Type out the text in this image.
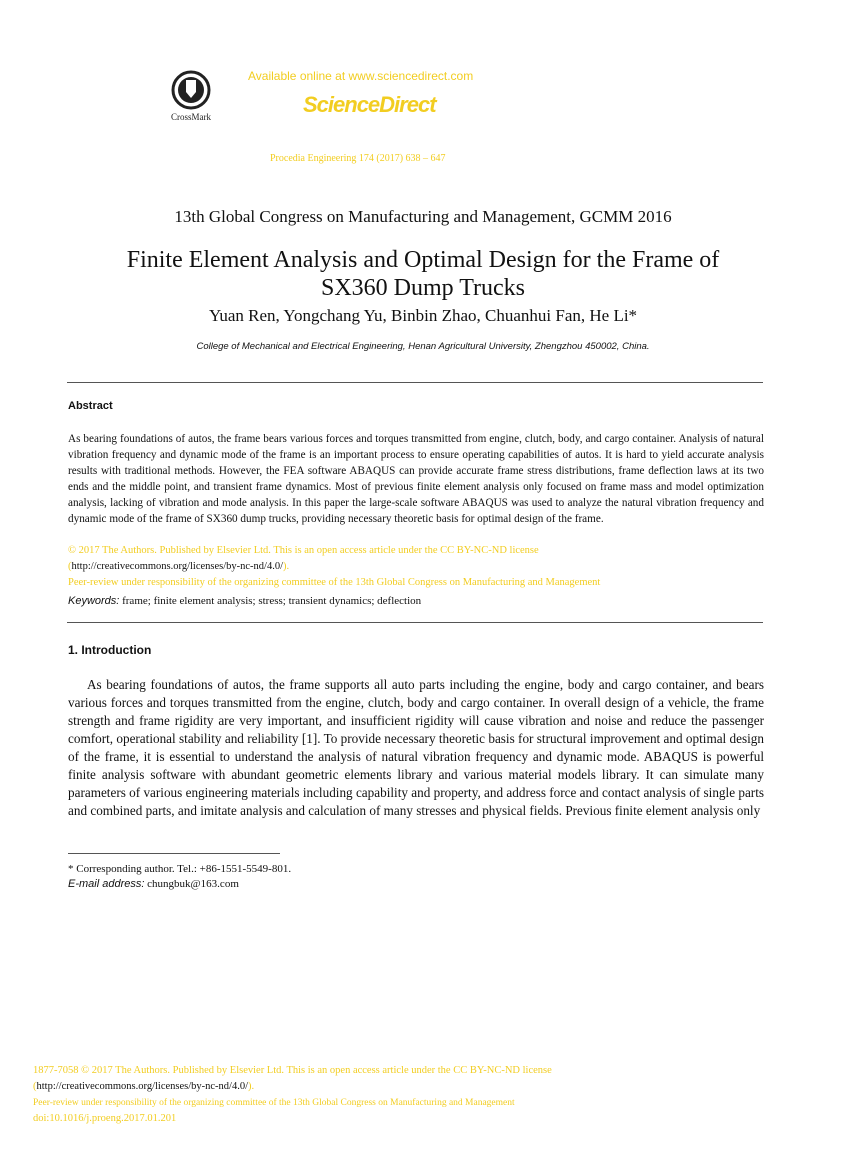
CrossMark
Available online at www.sciencedirect.com
ScienceDirect
Procedia Engineering 174 (2017) 638 – 647
13th Global Congress on Manufacturing and Management, GCMM 2016
Finite Element Analysis and Optimal Design for the Frame of
SX360 Dump Trucks
Yuan Ren, Yongchang Yu, Binbin Zhao, Chuanhui Fan, He Li*
College of Mechanical and Electrical Engineering, Henan Agricultural University, Zhengzhou 450002, China.
Abstract
As bearing foundations of autos, the frame bears various forces and torques transmitted from engine, clutch, body, and cargo container. Analysis of natural vibration frequency and dynamic mode of the frame is an important process to ensure operating capabilities of autos. It is hard to yield accurate analysis results with traditional methods. However, the FEA software ABAQUS can provide accurate frame stress distributions, frame deflection laws at its two ends and the middle point, and transient frame dynamics. Most of previous finite element analysis only focused on frame mass and model optimization analysis, lacking of vibration and mode analysis. In this paper the large-scale software ABAQUS was used to analyze the natural vibration frequency and dynamic mode of the frame of SX360 dump trucks, providing necessary theoretic basis for optimal design of the frame.
© 2017 The Authors. Published by Elsevier Ltd. This is an open access article under the CC BY-NC-ND license
(http://creativecommons.org/licenses/by-nc-nd/4.0/).
Peer-review under responsibility of the organizing committee of the 13th Global Congress on Manufacturing and Management
Keywords: frame; finite element analysis; stress; transient dynamics; deflection
1. Introduction
As bearing foundations of autos, the frame supports all auto parts including the engine, body and cargo container, and bears various forces and torques transmitted from the engine, clutch, body and cargo container. In overall design of a vehicle, the frame strength and frame rigidity are very important, and insufficient rigidity will cause vibration and noise and reduce the passenger comfort, operational stability and reliability [1]. To provide necessary theoretic basis for structural improvement and optimal design of the frame, it is essential to understand the analysis of natural vibration frequency and dynamic mode. ABAQUS is powerful finite analysis software with abundant geometric elements library and various material models library. It can simulate many parameters of various engineering materials including capability and property, and address force and contact analysis of single parts and combined parts, and imitate analysis and calculation of many stresses and physical fields. Previous finite element analysis only
* Corresponding author. Tel.: +86-1551-5549-801.
E-mail address: chungbuk@163.com
1877-7058 © 2017 The Authors. Published by Elsevier Ltd. This is an open access article under the CC BY-NC-ND license
(http://creativecommons.org/licenses/by-nc-nd/4.0/).
Peer-review under responsibility of the organizing committee of the 13th Global Congress on Manufacturing and Management
doi:10.1016/j.proeng.2017.01.201
